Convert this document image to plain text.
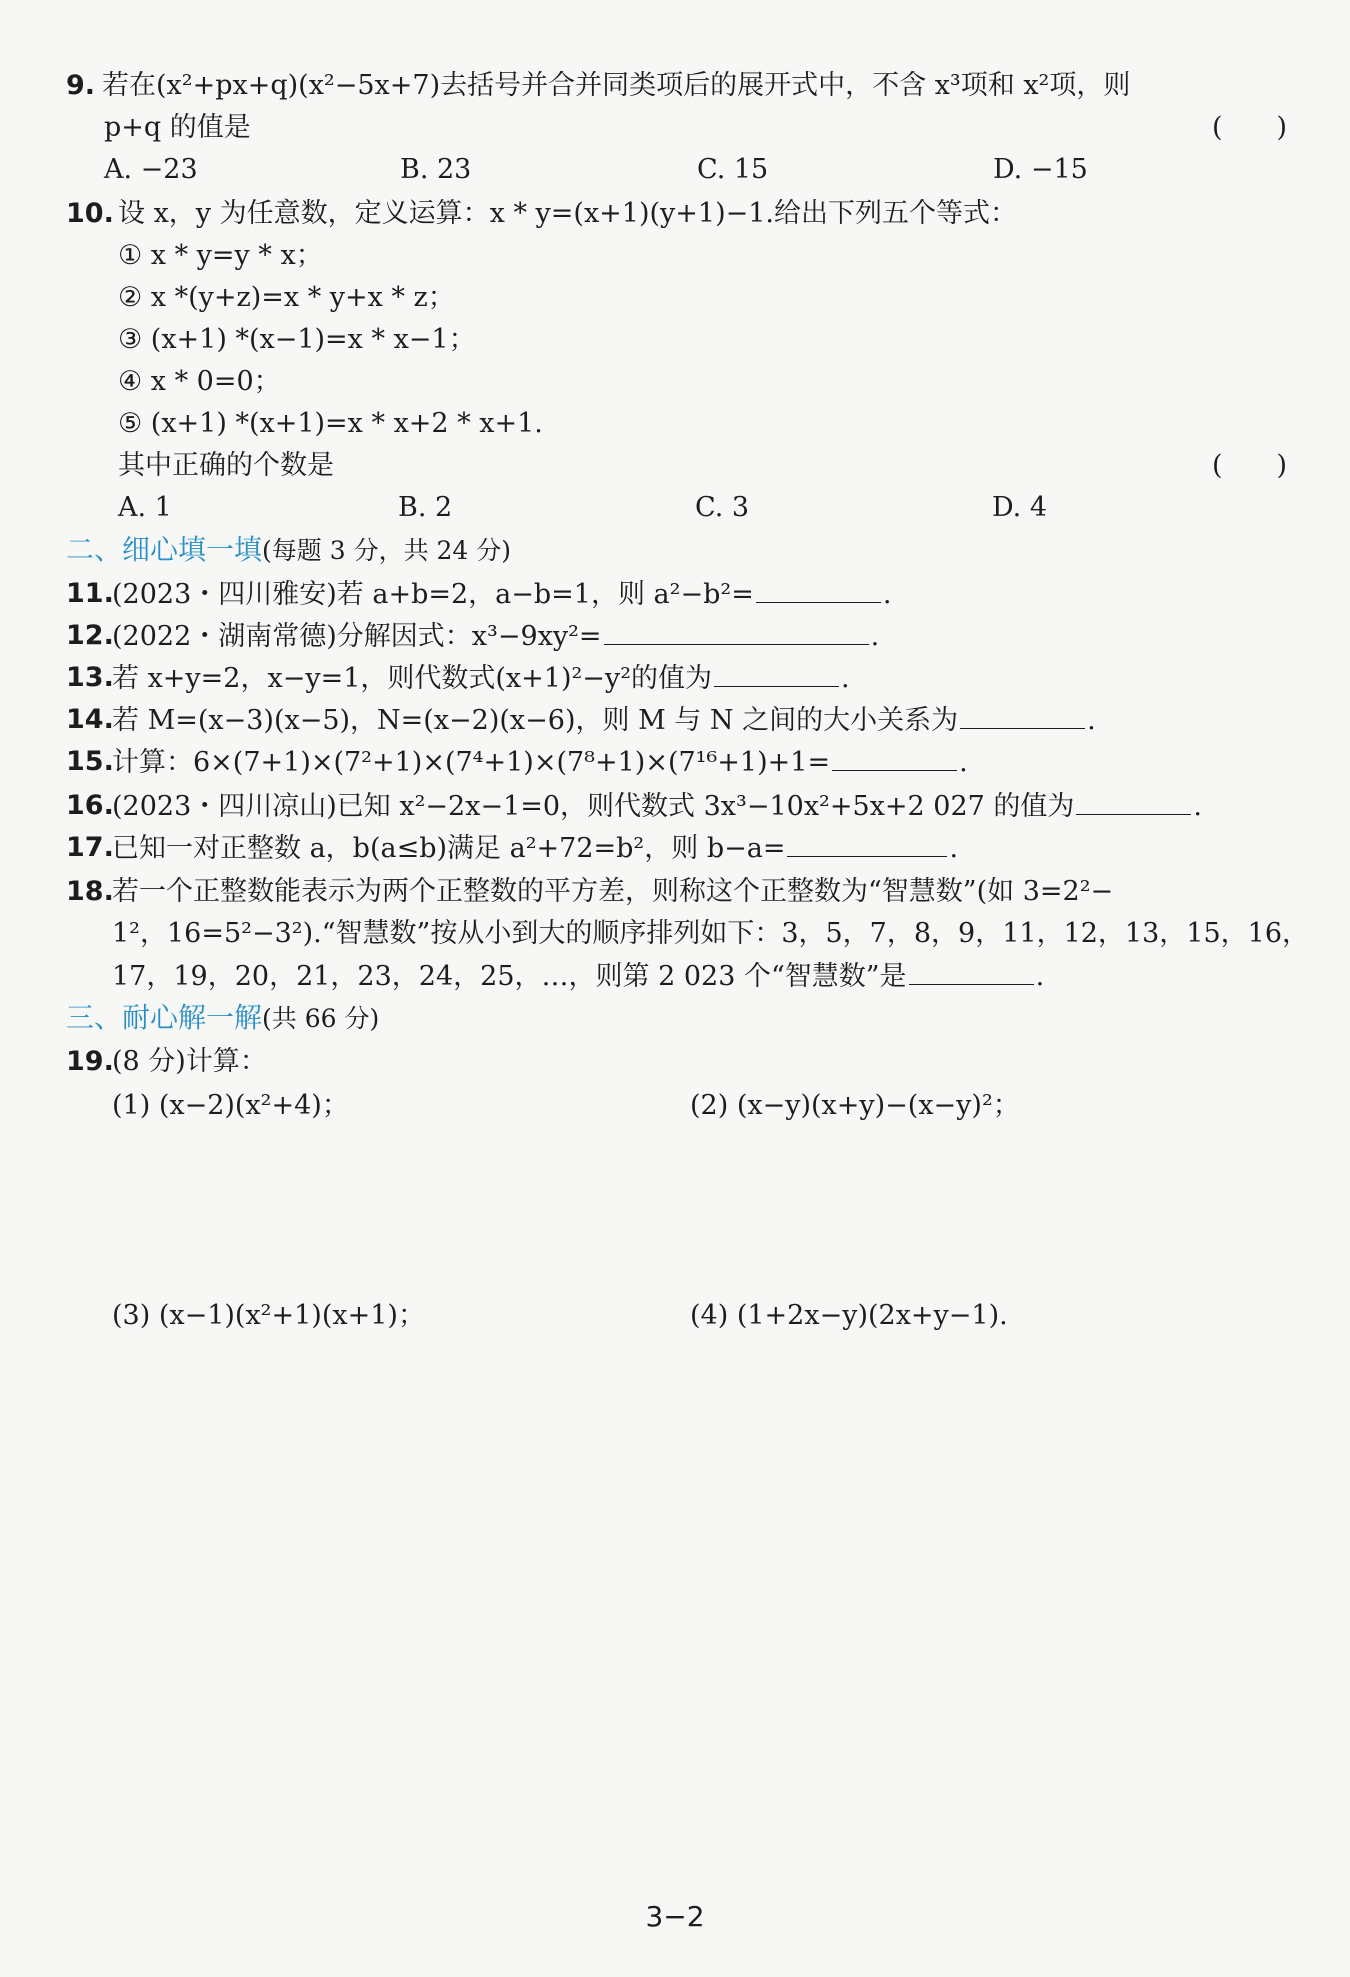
9. 若在(x²+px+q)(x²−5x+7)去括号并合并同类项后的展开式中，不含 x³项和 x²项，则
p+q 的值是	(　　)
A. −23	B. 23	C. 15	D. −15
10. 设 x，y 为任意数，定义运算：x * y=(x+1)(y+1)−1.给出下列五个等式：
① x * y=y * x；
② x *(y+z)=x * y+x * z；
③ (x+1) *(x−1)=x * x−1；
④ x * 0=0；
⑤ (x+1) *(x+1)=x * x+2 * x+1.
其中正确的个数是	(　　)
A. 1	B. 2	C. 3	D. 4
二、细心填一填(每题 3 分，共 24 分)
11.
(2023・四川雅安)若 a+b=2，a−b=1，则 a²−b²=	.
12.
(2022・湖南常德)分解因式：x³−9xy²=	.
13.
若 x+y=2，x−y=1，则代数式(x+1)²−y²的值为	.
14.
若 M=(x−3)(x−5)，N=(x−2)(x−6)，则 M 与 N 之间的大小关系为	.
15.
计算：6×(7+1)×(7²+1)×(7⁴+1)×(7⁸+1)×(7¹⁶+1)+1=	.
16.
(2023・四川凉山)已知 x²−2x−1=0，则代数式 3x³−10x²+5x+2 027 的值为	.
17.
已知一对正整数 a，b(a≤b)满足 a²+72=b²，则 b−a=	.
18.
若一个正整数能表示为两个正整数的平方差，则称这个正整数为“智慧数”(如 3=2²−
1²，16=5²−3²).“智慧数”按从小到大的顺序排列如下：3，5，7，8，9，11，12，13，15，16，
17，19，20，21，23，24，25，…，则第 2 023 个“智慧数”是	.
三、耐心解一解(共 66 分)
19.
(8 分)计算：
(1) (x−2)(x²+4)；	(2) (x−y)(x+y)−(x−y)²；
(3) (x−1)(x²+1)(x+1)；	(4) (1+2x−y)(2x+y−1).
3−2
